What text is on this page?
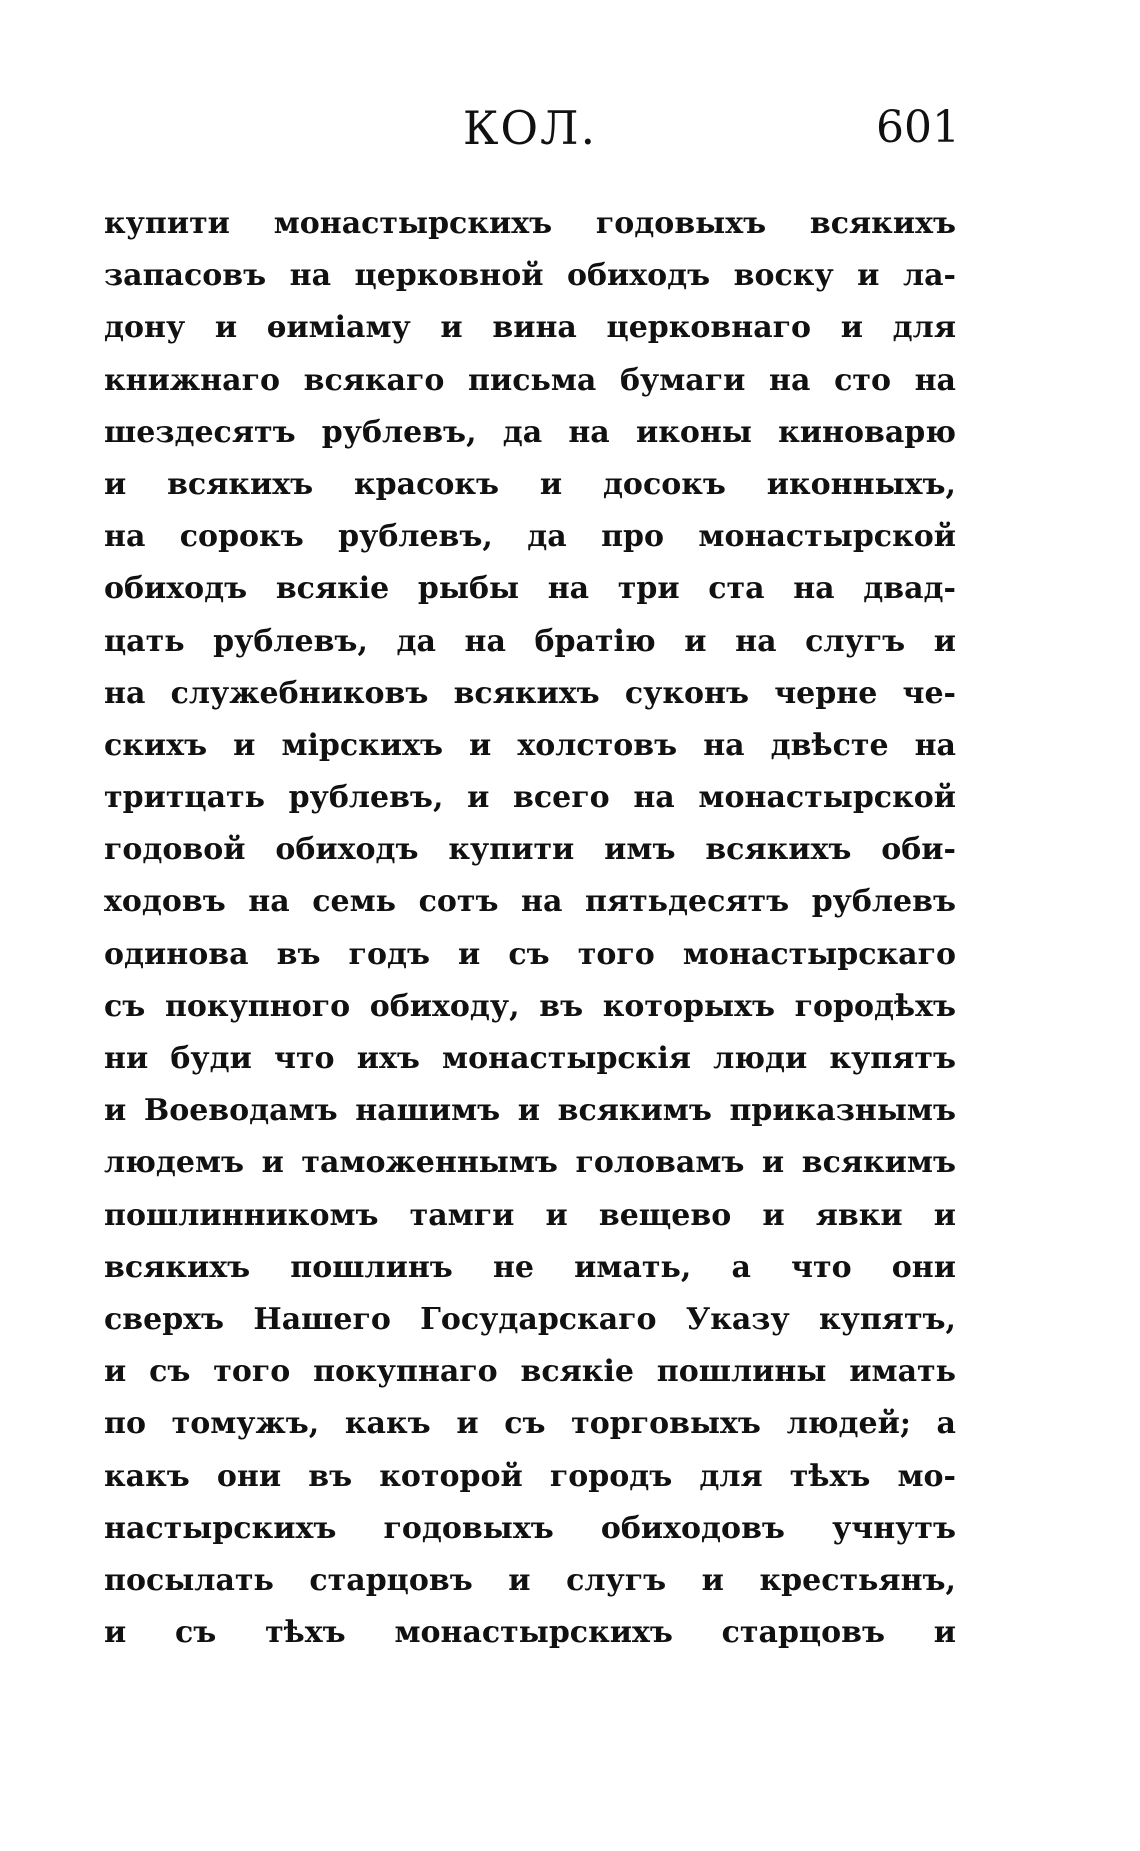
КОЛ.	601
купити монастырскихъ годовыхъ всякихъ
запасовъ на церковной обиходъ воску и ла-
дону и ѳиміаму и вина церковнаго и для
книжнаго всякаго письма бумаги на сто на
шездесятъ рублевъ, да на иконы киноварю
и всякихъ красокъ и досокъ иконныхъ,
на сорокъ рублевъ, да про монастырской
обиходъ всякіе рыбы на три ста на двад-
цать рублевъ, да на братію и на слугъ и
на служебниковъ всякихъ суконъ черне че-
скихъ и мірскихъ и холстовъ на двѣсте на
тритцать рублевъ, и всего на монастырской
годовой обиходъ купити имъ всякихъ оби-
ходовъ на семь сотъ на пятьдесятъ рублевъ
одинова въ годъ и съ того монастырскаго
съ покупного обиходу, въ которыхъ городѣхъ
ни буди что ихъ монастырскія люди купятъ
и Воеводамъ нашимъ и всякимъ приказнымъ
людемъ и таможеннымъ головамъ и всякимъ
пошлинникомъ тамги и вещево и явки и
всякихъ пошлинъ не имать, а что они
сверхъ Нашего Государскаго Указу купятъ,
и съ того покупнаго всякіе пошлины имать
по томужъ, какъ и съ торговыхъ людей; а
какъ они въ которой городъ для тѣхъ мо-
настырскихъ годовыхъ обиходовъ учнутъ
посылать старцовъ и слугъ и крестьянъ,
и съ тѣхъ монастырскихъ старцовъ и
